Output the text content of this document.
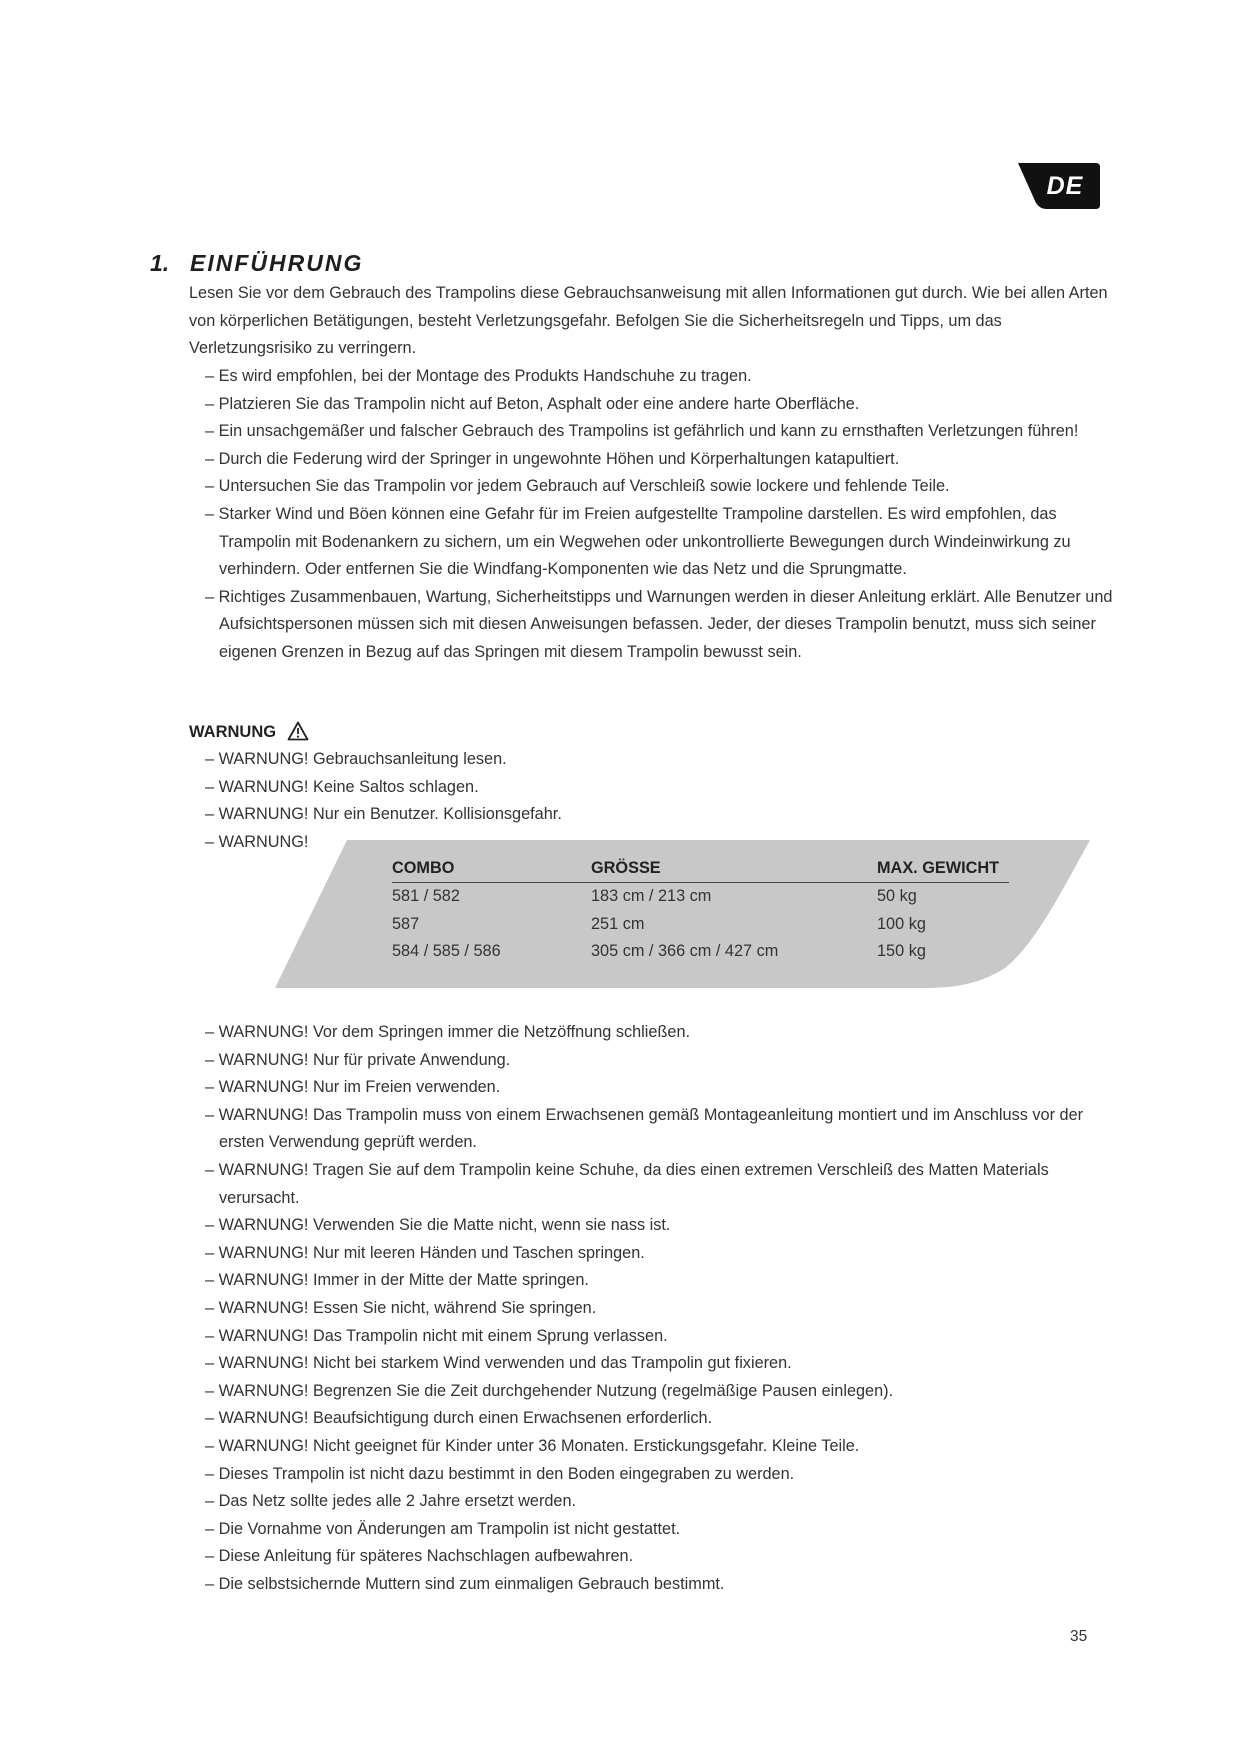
DE
1. EINFÜHRUNG
Lesen Sie vor dem Gebrauch des Trampolins diese Gebrauchsanweisung mit allen Informationen gut durch. Wie bei allen Arten von körperlichen Betätigungen, besteht Verletzungsgefahr. Befolgen Sie die Sicherheitsregeln und Tipps, um das Verletzungsrisiko zu verringern.
– Es wird empfohlen, bei der Montage des Produkts Handschuhe zu tragen.
– Platzieren Sie das Trampolin nicht auf Beton, Asphalt oder eine andere harte Oberfläche.
– Ein unsachgemäßer und falscher Gebrauch des Trampolins ist gefährlich und kann zu ernsthaften Verletzungen führen!
– Durch die Federung wird der Springer in ungewohnte Höhen und Körperhaltungen katapultiert.
– Untersuchen Sie das Trampolin vor jedem Gebrauch auf Verschleiß sowie lockere und fehlende Teile.
– Starker Wind und Böen können eine Gefahr für im Freien aufgestellte Trampoline darstellen. Es wird empfohlen, das Trampolin mit Bodenankern zu sichern, um ein Wegwehen oder unkontrollierte Bewegungen durch Windeinwirkung zu verhindern. Oder entfernen Sie die Windfang-Komponenten wie das Netz und die Sprungmatte.
– Richtiges Zusammenbauen, Wartung, Sicherheitstipps und Warnungen werden in dieser Anleitung erklärt. Alle Benutzer und Aufsichtspersonen müssen sich mit diesen Anweisungen befassen. Jeder, der dieses Trampolin benutzt, muss sich seiner eigenen Grenzen in Bezug auf das Springen mit diesem Trampolin bewusst sein.
WARNUNG
– WARNUNG! Gebrauchsanleitung lesen.
– WARNUNG! Keine Saltos schlagen.
– WARNUNG! Nur ein Benutzer. Kollisionsgefahr.
– WARNUNG!
COMBO	GRÖSSE	MAX. GEWICHT
581 / 582	183 cm / 213 cm	50 kg
587	251 cm	100 kg
584 / 585 / 586	305 cm / 366 cm / 427 cm	150 kg
– WARNUNG! Vor dem Springen immer die Netzöffnung schließen.
– WARNUNG! Nur für private Anwendung.
– WARNUNG! Nur im Freien verwenden.
– WARNUNG! Das Trampolin muss von einem Erwachsenen gemäß Montageanleitung montiert und im Anschluss vor der ersten Verwendung geprüft werden.
– WARNUNG! Tragen Sie auf dem Trampolin keine Schuhe, da dies einen extremen Verschleiß des Matten Materials verursacht.
– WARNUNG! Verwenden Sie die Matte nicht, wenn sie nass ist.
– WARNUNG! Nur mit leeren Händen und Taschen springen.
– WARNUNG! Immer in der Mitte der Matte springen.
– WARNUNG! Essen Sie nicht, während Sie springen.
– WARNUNG! Das Trampolin nicht mit einem Sprung verlassen.
– WARNUNG! Nicht bei starkem Wind verwenden und das Trampolin gut fixieren.
– WARNUNG! Begrenzen Sie die Zeit durchgehender Nutzung (regelmäßige Pausen einlegen).
– WARNUNG! Beaufsichtigung durch einen Erwachsenen erforderlich.
– WARNUNG! Nicht geeignet für Kinder unter 36 Monaten. Erstickungsgefahr. Kleine Teile.
– Dieses Trampolin ist nicht dazu bestimmt in den Boden eingegraben zu werden.
– Das Netz sollte jedes alle 2 Jahre ersetzt werden.
– Die Vornahme von Änderungen am Trampolin ist nicht gestattet.
– Diese Anleitung für späteres Nachschlagen aufbewahren.
– Die selbstsichernde Muttern sind zum einmaligen Gebrauch bestimmt.
35
